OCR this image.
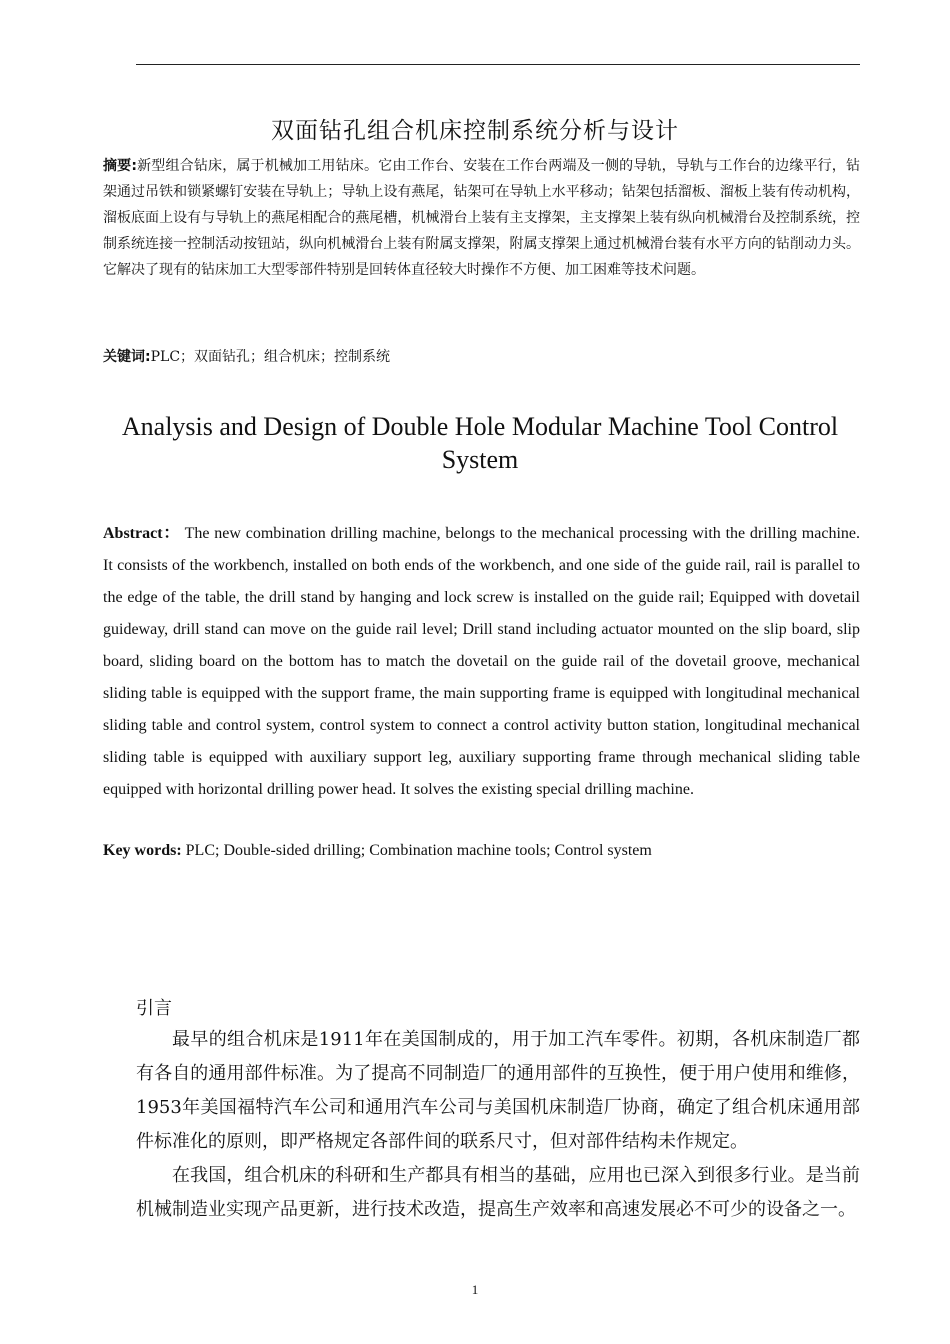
双面钻孔组合机床控制系统分析与设计
摘要:新型组合钻床，属于机械加工用钻床。它由工作台、安装在工作台两端及一侧的导轨，导轨与工作台的边缘平行，钻架通过吊铁和锁紧螺钉安装在导轨上；导轨上设有燕尾，钻架可在导轨上水平移动；钻架包括溜板、溜板上装有传动机构，溜板底面上设有与导轨上的燕尾相配合的燕尾槽，机械滑台上装有主支撑架，主支撑架上装有纵向机械滑台及控制系统，控制系统连接一控制活动按钮站，纵向机械滑台上装有附属支撑架，附属支撑架上通过机械滑台装有水平方向的钻削动力头。它解决了现有的钻床加工大型零部件特别是回转体直径较大时操作不方便、加工困难等技术问题。
关键词:PLC；双面钻孔；组合机床；控制系统
Analysis and Design of Double Hole Modular Machine Tool Control System
Abstract： The new combination drilling machine, belongs to the mechanical processing with the drilling machine. It consists of the workbench, installed on both ends of the workbench, and one side of the guide rail, rail is parallel to the edge of the table, the drill stand by hanging and lock screw is installed on the guide rail; Equipped with dovetail guideway, drill stand can move on the guide rail level; Drill stand including actuator mounted on the slip board, slip board, sliding board on the bottom has to match the dovetail on the guide rail of the dovetail groove, mechanical sliding table is equipped with the support frame, the main supporting frame is equipped with longitudinal mechanical sliding table and control system, control system to connect a control activity button station, longitudinal mechanical sliding table is equipped with auxiliary support leg, auxiliary supporting frame through mechanical sliding table equipped with horizontal drilling power head. It solves the existing special drilling machine.
Key words: PLC; Double-sided drilling; Combination machine tools; Control system
引言

最早的组合机床是1911年在美国制成的，用于加工汽车零件。初期，各机床制造厂都有各自的通用部件标准。为了提高不同制造厂的通用部件的互换性，便于用户使用和维修，1953年美国福特汽车公司和通用汽车公司与美国机床制造厂协商，确定了组合机床通用部件标准化的原则，即严格规定各部件间的联系尺寸，但对部件结构未作规定。

在我国，组合机床的科研和生产都具有相当的基础，应用也已深入到很多行业。是当前机械制造业实现产品更新，进行技术改造，提高生产效率和高速发展必不可少的设备之一。

1
